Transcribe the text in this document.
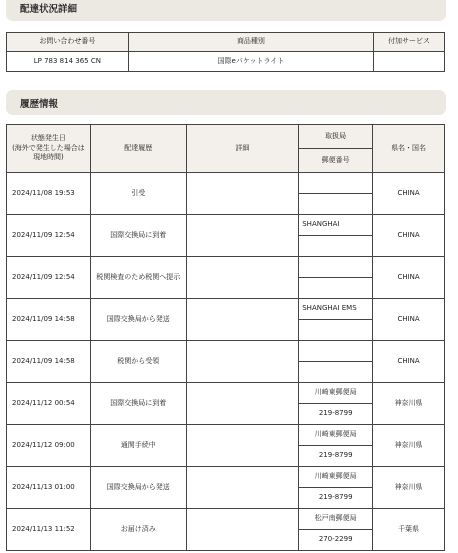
配達状況詳細
お問い合わせ番号	商品種別	付加サービス
LP 783 814 365 CN	国際eパケットライト	
履歴情報
状態発生日
(海外で発生した場合は現地時間)	配達履歴	詳細	取扱局	県名・国名
			郵便番号	
2024/11/08 19:53	引受			CHINA

2024/11/09 12:54	国際交換局に到着		SHANGHAI	CHINA

2024/11/09 12:54	税関検査のため税関へ提示			CHINA

2024/11/09 14:58	国際交換局から発送		SHANGHAI EMS	CHINA

2024/11/09 14:58	税関から受領			CHINA

2024/11/12 00:54	国際交換局に到着		川崎東郵便局	神奈川県
			219-8799	
2024/11/12 09:00	通関手続中		川崎東郵便局	神奈川県
			219-8799	
2024/11/13 01:00	国際交換局から発送		川崎東郵便局	神奈川県
			219-8799	
2024/11/13 11:52	お届け済み		松戸南郵便局	千葉県
			270-2299	
